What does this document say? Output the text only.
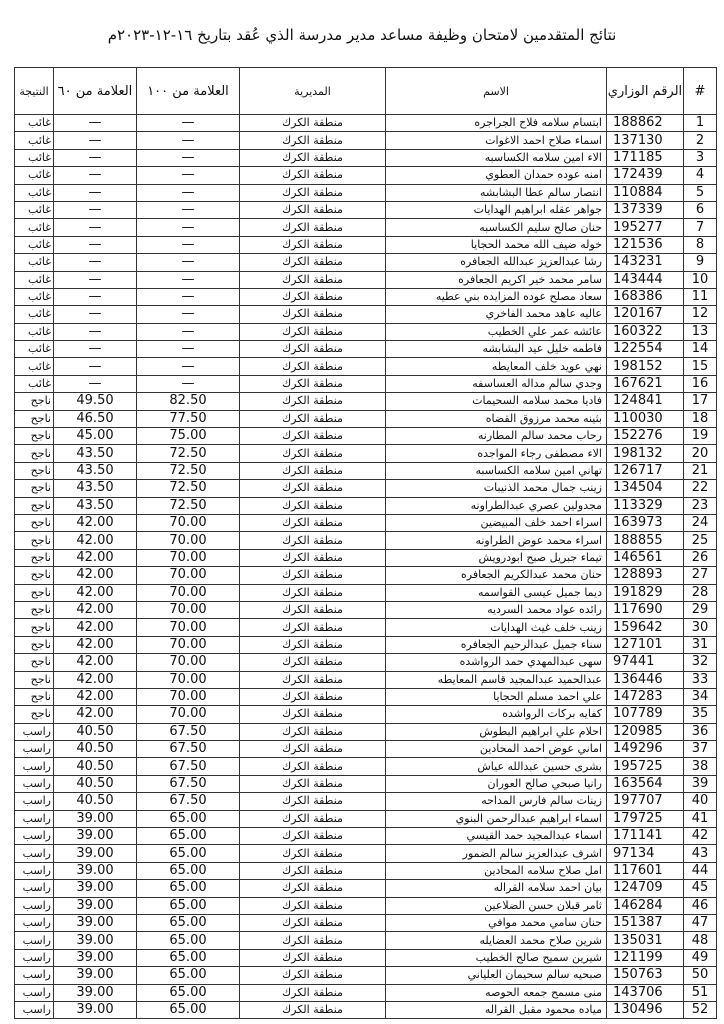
نتائج المتقدمين لامتحان وظيفة مساعد مدير مدرسة الذي عُقد بتاريخ ١٦-١٢-٢٠٢٣م
#	الرقم الوزاري	الاسم	المديرية	العلامة من ١٠٠	العلامة من ٦٠	النتيجة
1	188862	ابتسام سلامه فلاح الجراجره	منطقة الكرك	—	—	غائب
2	137130	اسماء صلاح احمد الاغوات	منطقة الكرك	—	—	غائب
3	171185	الاء امين سلامه الكساسبه	منطقة الكرك	—	—	غائب
4	172439	امنه عوده حمدان العطوي	منطقة الكرك	—	—	غائب
5	110884	انتصار سالم عطا البشابشه	منطقة الكرك	—	—	غائب
6	137339	جواهر عقله ابراهيم الهدايات	منطقة الكرك	—	—	غائب
7	195277	حنان صالح سليم الكساسبه	منطقة الكرك	—	—	غائب
8	121536	خوله ضيف الله محمد الحجايا	منطقة الكرك	—	—	غائب
9	143231	رشا عبدالعزيز عبدالله الجعافره	منطقة الكرك	—	—	غائب
10	143444	سامر محمد خير اكريم الجعافره	منطقة الكرك	—	—	غائب
11	168386	سعاد مصلح عوده المزايده بني عطيه	منطقة الكرك	—	—	غائب
12	120167	عاليه عاهد محمد الفاخري	منطقة الكرك	—	—	غائب
13	160322	عائشه عمر علي الخطيب	منطقة الكرك	—	—	غائب
14	122554	فاطمه خليل عيد البشابشه	منطقة الكرك	—	—	غائب
15	198152	نهي عويد خلف المعايطه	منطقة الكرك	—	—	غائب
16	167621	وجدي سالم مداله العساسفه	منطقة الكرك	—	—	غائب
17	124841	فاديا محمد سلامه السحيمات	منطقة الكرك	82.50	49.50	ناجح
18	110030	بثينه محمد مرزوق القضاه	منطقة الكرك	77.50	46.50	ناجح
19	152276	رحاب محمد سالم المطارنه	منطقة الكرك	75.00	45.00	ناجح
20	198132	الاء مصطفى رجاء المواجده	منطقة الكرك	72.50	43.50	ناجح
21	126717	تهاني امين سلامه الكساسبه	منطقة الكرك	72.50	43.50	ناجح
22	134504	زينب جمال محمد الذنيبات	منطقة الكرك	72.50	43.50	ناجح
23	113329	مجدولين عصري عبدالطراونه	منطقة الكرك	72.50	43.50	ناجح
24	163973	اسراء احمد خلف المبيضين	منطقة الكرك	70.00	42.00	ناجح
25	188855	اسراء محمد عوض الطراونه	منطقة الكرك	70.00	42.00	ناجح
26	146561	تيماء جبريل صبح ابودرويش	منطقة الكرك	70.00	42.00	ناجح
27	128893	حنان محمد عبدالكريم الجعافره	منطقة الكرك	70.00	42.00	ناجح
28	191829	ديما جميل عيسى القواسمه	منطقة الكرك	70.00	42.00	ناجح
29	117690	رائده عواد محمد السرديه	منطقة الكرك	70.00	42.00	ناجح
30	159642	زينب خلف غيث الهدايات	منطقة الكرك	70.00	42.00	ناجح
31	127101	سناء جميل عبدالرحيم الجعافره	منطقة الكرك	70.00	42.00	ناجح
32	97441	سهى عبدالمهدي حمد الرواشده	منطقة الكرك	70.00	42.00	ناجح
33	136446	عبدالحميد عبدالمجيد قاسم المعايطه	منطقة الكرك	70.00	42.00	ناجح
34	147283	علي احمد مسلم الحجايا	منطقة الكرك	70.00	42.00	ناجح
35	107789	كفايه بركات الرواشده	منطقة الكرك	70.00	42.00	ناجح
36	120985	احلام علي ابراهيم البطوش	منطقة الكرك	67.50	40.50	راسب
37	149296	اماني عوض احمد المحادين	منطقة الكرك	67.50	40.50	راسب
38	195725	بشرى حسين عبدالله عياش	منطقة الكرك	67.50	40.50	راسب
39	163564	رانيا صبحي صالح العوران	منطقة الكرك	67.50	40.50	راسب
40	197707	زينات سالم فارس المداحه	منطقة الكرك	67.50	40.50	راسب
41	179725	اسماء ابراهيم عبدالرحمن البنوي	منطقة الكرك	65.00	39.00	راسب
42	171141	اسماء عبدالمجيد حمد القيسي	منطقة الكرك	65.00	39.00	راسب
43	97134	اشرف عبدالعزيز سالم الضمور	منطقة الكرك	65.00	39.00	راسب
44	117601	امل صلاح سلامه المحادين	منطقة الكرك	65.00	39.00	راسب
45	124709	بيان احمد سلامه القراله	منطقة الكرك	65.00	39.00	راسب
46	146284	ثامر قبلان حسن الضلاعين	منطقة الكرك	65.00	39.00	راسب
47	151387	حنان سامي محمد موافي	منطقة الكرك	65.00	39.00	راسب
48	135031	شرين صلاح محمد العضايله	منطقة الكرك	65.00	39.00	راسب
49	121199	شيرين سميح صالح الخطيب	منطقة الكرك	65.00	39.00	راسب
50	150763	صبحيه سالم سحيمان العلياني	منطقة الكرك	65.00	39.00	راسب
51	143706	منى مسمح جمعه الحوصه	منطقة الكرك	65.00	39.00	راسب
52	130496	مياده محمود مقبل القراله	منطقة الكرك	65.00	39.00	راسب
